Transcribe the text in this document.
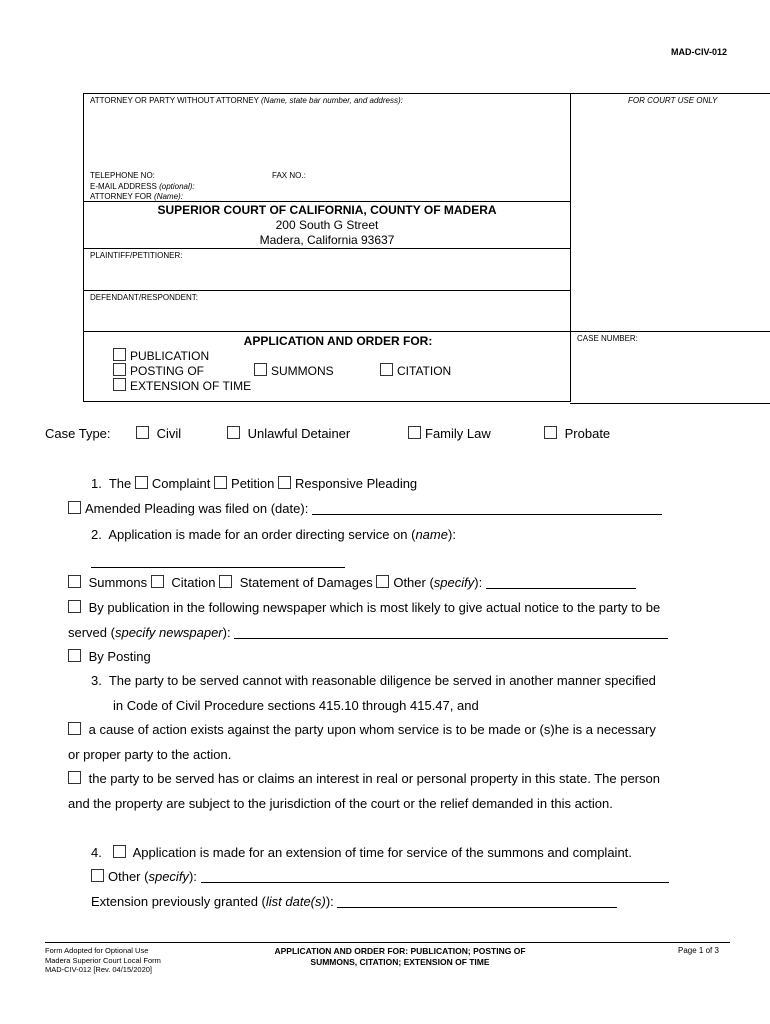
MAD-CIV-012
ATTORNEY OR PARTY WITHOUT ATTORNEY (Name, state bar number, and address):	FOR COURT USE ONLY
TELEPHONE NO:	FAX NO.:
E-MAIL ADDRESS (optional):
ATTORNEY FOR (Name):
SUPERIOR COURT OF CALIFORNIA, COUNTY OF MADERA
200 South G Street
Madera, California 93637
PLAINTIFF/PETITIONER:
DEFENDANT/RESPONDENT:
APPLICATION AND ORDER FOR:	CASE NUMBER:
PUBLICATION
POSTING OF	SUMMONS	CITATION
EXTENSION OF TIME
Case Type:	Civil	Unlawful Detainer	Family Law	Probate
1. The Complaint Petition Responsive Pleading
Amended Pleading was filed on (date):
2. Application is made for an order directing service on (name):
Summons Citation Statement of Damages Other (specify):
By publication in the following newspaper which is most likely to give actual notice to the party to be
served (specify newspaper):
By Posting
3. The party to be served cannot with reasonable diligence be served in another manner specified
in Code of Civil Procedure sections 415.10 through 415.47, and
a cause of action exists against the party upon whom service is to be made or (s)he is a necessary
or proper party to the action.
the party to be served has or claims an interest in real or personal property in this state. The person
and the property are subject to the jurisdiction of the court or the relief demanded in this action.
4. Application is made for an extension of time for service of the summons and complaint.
Other (specify):
Extension previously granted (list date(s)):
Form Adopted for Optional Use
Madera Superior Court Local Form
MAD-CIV-012 [Rev. 04/15/2020]
APPLICATION AND ORDER FOR: PUBLICATION; POSTING OF
SUMMONS, CITATION; EXTENSION OF TIME
Page 1 of 3
